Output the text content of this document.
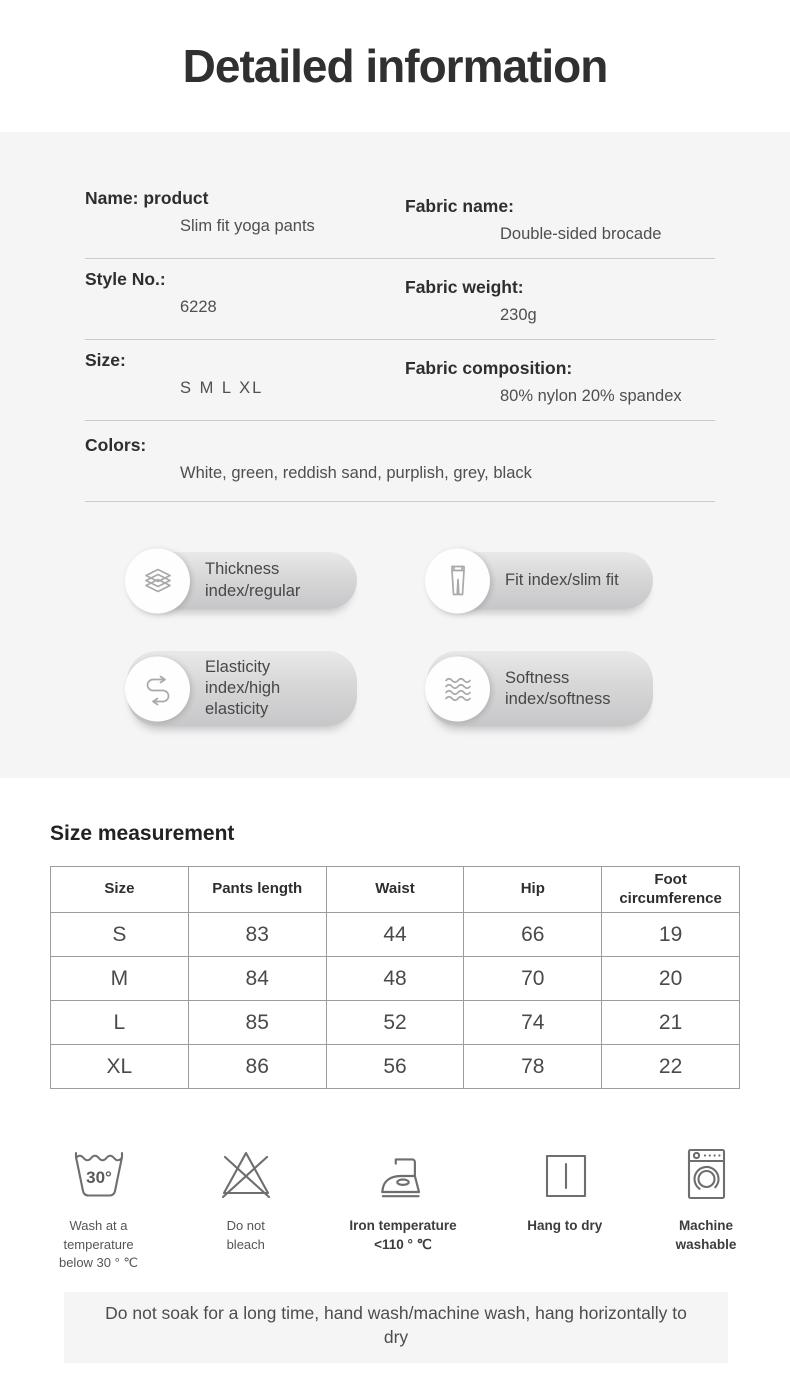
Detailed information
Name: product
Slim fit yoga pants
Fabric name:
Double-sided brocade
Style No.:
6228
Fabric weight:
230g
Size:
S M L XL
Fabric composition:
80% nylon 20% spandex
Colors:
White, green, reddish sand, purplish, grey, black
Thickness index/regular
Fit index/slim fit
Elasticity index/high elasticity
Softness index/softness
Size measurement
Size	Pants length	Waist	Hip	Foot circumference
S	83	44	66	19
M	84	48	70	20
L	85	52	74	21
XL	86	56	78	22
30°
Wash at a temperature below 30 ° ℃
Do not bleach
Iron temperature <110 ° ℃
Hang to dry	Machine washable

Do not soak for a long time, hand wash/machine wash, hang horizontally to dry
